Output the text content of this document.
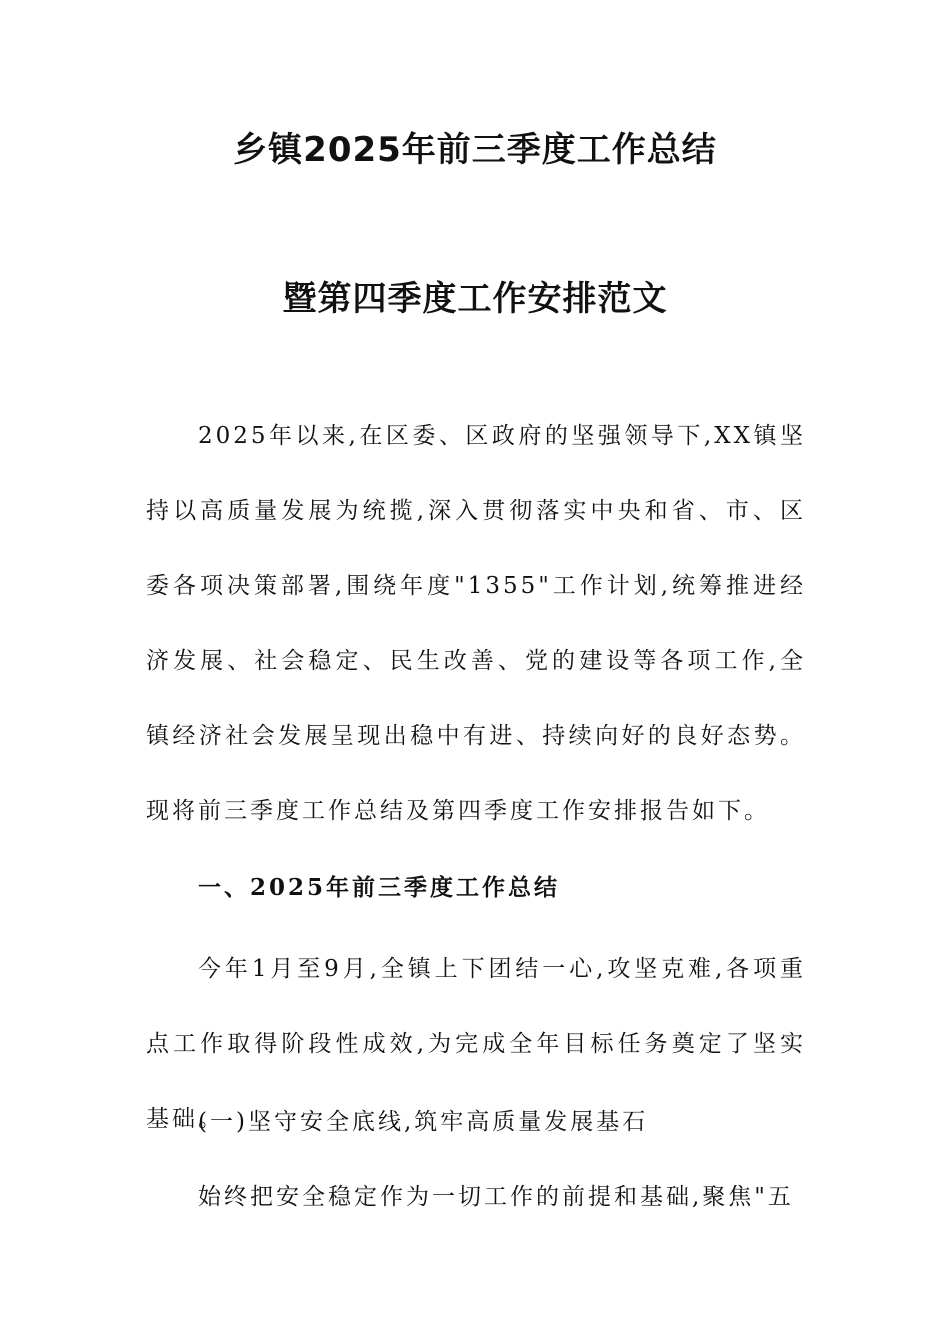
乡镇2025年前三季度工作总结
暨第四季度工作安排范文

2025年以来,在区委、区政府的坚强领导下,XX镇坚持以高质量发展为统揽,深入贯彻落实中央和省、市、区委各项决策部署,围绕年度"1355"工作计划,统筹推进经济发展、社会稳定、民生改善、党的建设等各项工作,全镇经济社会发展呈现出稳中有进、持续向好的良好态势。现将前三季度工作总结及第四季度工作安排报告如下。

一、2025年前三季度工作总结

今年1月至9月,全镇上下团结一心,攻坚克难,各项重点工作取得阶段性成效,为完成全年目标任务奠定了坚实基础。

(一)坚守安全底线,筑牢高质量发展基石

始终把安全稳定作为一切工作的前提和基础,聚焦"五
